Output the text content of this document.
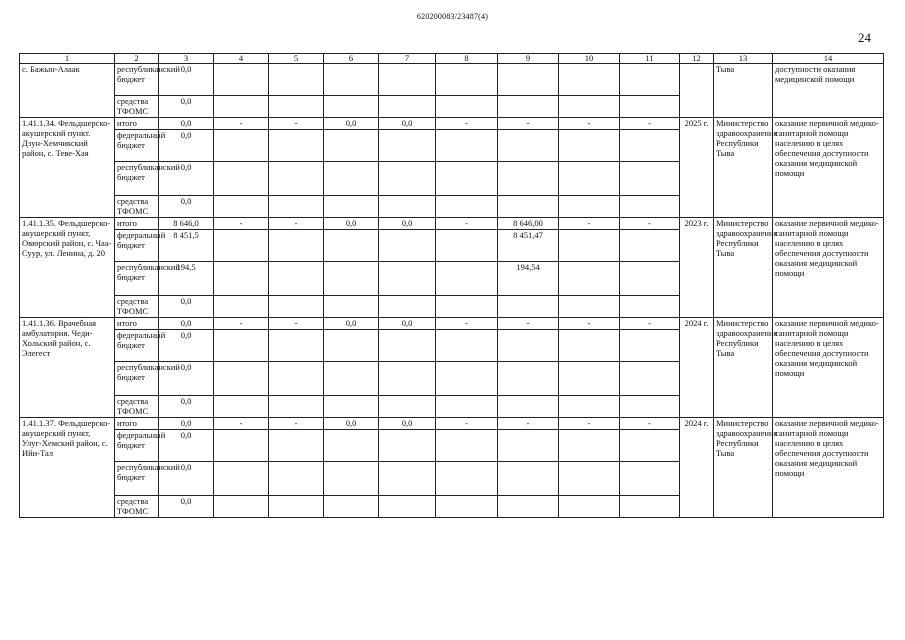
620200083/23487(4)
24
1	2	3	4	5	6	7	8	9	10	11	12	13	14
с. Бажын-Алаак	республиканский бюджет	0,0										Тыва	доступности оказания медицинской помощи
	средства ТФОМС	0,0											
1.41.1.34. Фельдшерско-акушерский пункт. Дзун-Хемчикский район, с. Теве-Хая	итого	0,0	-	-	0,0	0,0	-	-	-	-	2025 г.	Министерство здравоохранения Республики Тыва	оказание первичной медико-санитарной помощи населению в целях обеспечения доступности оказания медицинской помощи
	федеральный бюджет	0,0											
	республиканский бюджет	0,0											
	средства ТФОМС	0,0											
1.41.1.35. Фельдшерско-акушерский пункт, Овюрский район, с. Чаа-Суур, ул. Ленина, д. 20	итого	8 646,0	-	-	0,0	0,0	-	8 646,00	-	-	2023 г.	Министерство здравоохранения Республики Тыва	оказание первичной медико-санитарной помощи населению в целях обеспечения доступности оказания медицинской помощи
	федеральный бюджет	8 451,5						8 451,47					
	республиканский бюджет	194,5						194,54					
	средства ТФОМС	0,0											
1.41.1.36. Врачебная амбулатория. Чеди-Хольский район, с. Элегест	итого	0,0	-	-	0,0	0,0	-	-	-	-	2024 г.	Министерство здравоохранения Республики Тыва	оказание первичной медико-санитарной помощи населению в целях обеспечения доступности оказания медицинской помощи
	федеральный бюджет	0,0											
	республиканский бюджет	0,0											
	средства ТФОМС	0,0											
1.41.1.37. Фельдшерско-акушерский пункт, Улуг-Хемский район, с. Ийи-Тал	итого	0,0	-	-	0,0	0,0	-	-	-	-	2024 г.	Министерство здравоохранения Республики Тыва	оказание первичной медико-санитарной помощи населению в целях обеспечения доступности оказания медицинской помощи
	федеральный бюджет	0,0											
	республиканский бюджет	0,0											
	средства ТФОМС	0,0											
